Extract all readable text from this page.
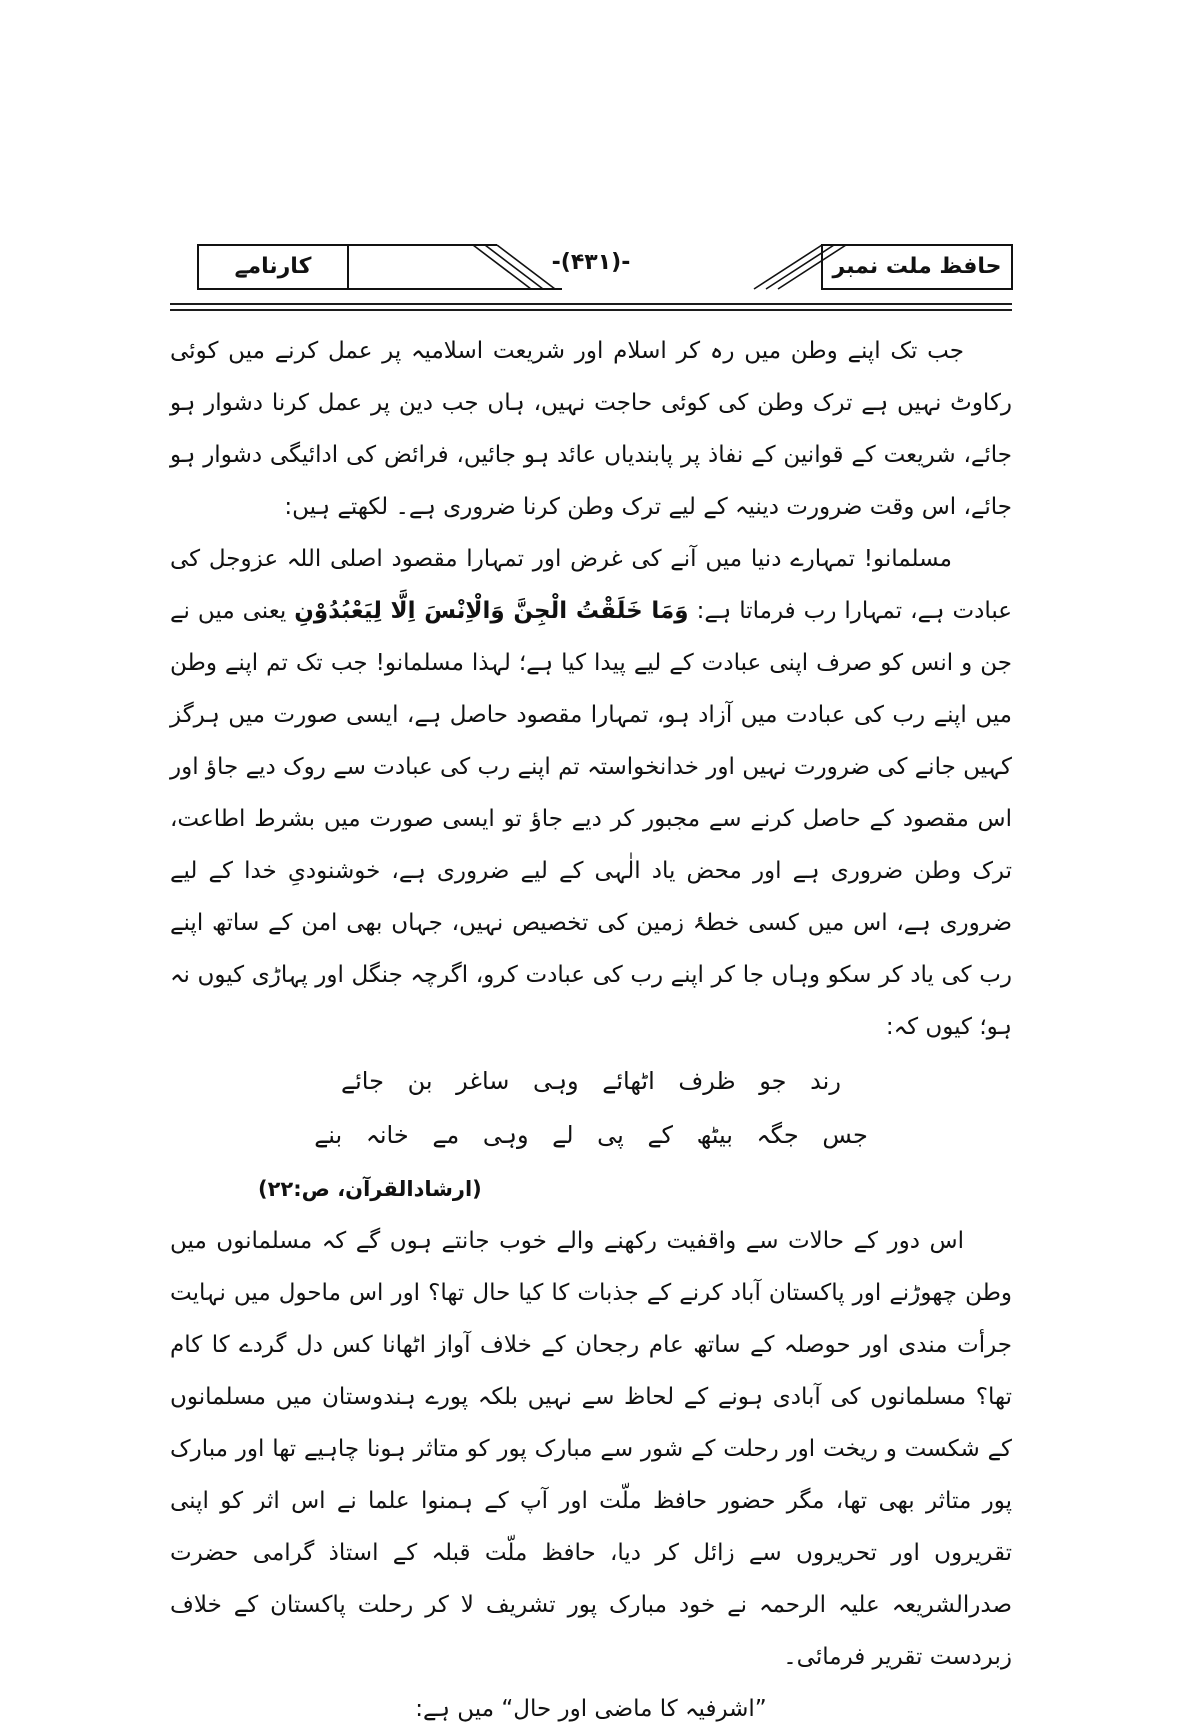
کارنامے	-(۴۳۱)-	حافظ ملت نمبر

جب تک اپنے وطن میں رہ کر اسلام اور شریعت اسلامیہ پر عمل کرنے میں کوئی رکاوٹ نہیں ہے ترک وطن کی کوئی حاجت نہیں، ہاں جب دین پر عمل کرنا دشوار ہو جائے، شریعت کے قوانین کے نفاذ پر پابندیاں عائد ہو جائیں، فرائض کی ادائیگی دشوار ہو جائے، اس وقت ضرورت دینیہ کے لیے ترک وطن کرنا ضروری ہے۔ لکھتے ہیں:

مسلمانو! تمہارے دنیا میں آنے کی غرض اور تمہارا مقصود اصلی اللہ عزوجل کی عبادت ہے، تمہارا رب فرماتا ہے: وَمَا خَلَقْتُ الْجِنَّ وَالْاِنْسَ اِلَّا لِیَعْبُدُوْنِ یعنی میں نے جن و انس کو صرف اپنی عبادت کے لیے پیدا کیا ہے؛ لہذا مسلمانو! جب تک تم اپنے وطن میں اپنے رب کی عبادت میں آزاد ہو، تمہارا مقصود حاصل ہے، ایسی صورت میں ہرگز کہیں جانے کی ضرورت نہیں اور خدانخواستہ تم اپنے رب کی عبادت سے روک دیے جاؤ اور اس مقصود کے حاصل کرنے سے مجبور کر دیے جاؤ تو ایسی صورت میں بشرط اطاعت، ترک وطن ضروری ہے اور محض یاد الٰہی کے لیے ضروری ہے، خوشنودیِ خدا کے لیے ضروری ہے، اس میں کسی خطۂ زمین کی تخصیص نہیں، جہاں بھی امن کے ساتھ اپنے رب کی یاد کر سکو وہاں جا کر اپنے رب کی عبادت کرو، اگرچہ جنگل اور پہاڑی کیوں نہ ہو؛ کیوں کہ:

رند جو ظرف اٹھائے وہی ساغر بن جائے

جس جگہ بیٹھ کے پی لے وہی مے خانہ بنے

(ارشادالقرآن، ص:۲۲)

اس دور کے حالات سے واقفیت رکھنے والے خوب جانتے ہوں گے کہ مسلمانوں میں وطن چھوڑنے اور پاکستان آباد کرنے کے جذبات کا کیا حال تھا؟ اور اس ماحول میں نہایت جرأت مندی اور حوصلہ کے ساتھ عام رجحان کے خلاف آواز اٹھانا کس دل گردے کا کام تھا؟ مسلمانوں کی آبادی ہونے کے لحاظ سے نہیں بلکہ پورے ہندوستان میں مسلمانوں کے شکست و ریخت اور رحلت کے شور سے مبارک پور کو متاثر ہونا چاہیے تھا اور مبارک پور متاثر بھی تھا، مگر حضور حافظ ملّت اور آپ کے ہمنوا علما نے اس اثر کو اپنی تقریروں اور تحریروں سے زائل کر دیا، حافظ ملّت قبلہ کے استاذ گرامی حضرت صدرالشریعہ علیہ الرحمہ نے خود مبارک پور تشریف لا کر رحلت پاکستان کے خلاف زبردست تقریر فرمائی۔

”اشرفیہ کا ماضی اور حال“ میں ہے:
